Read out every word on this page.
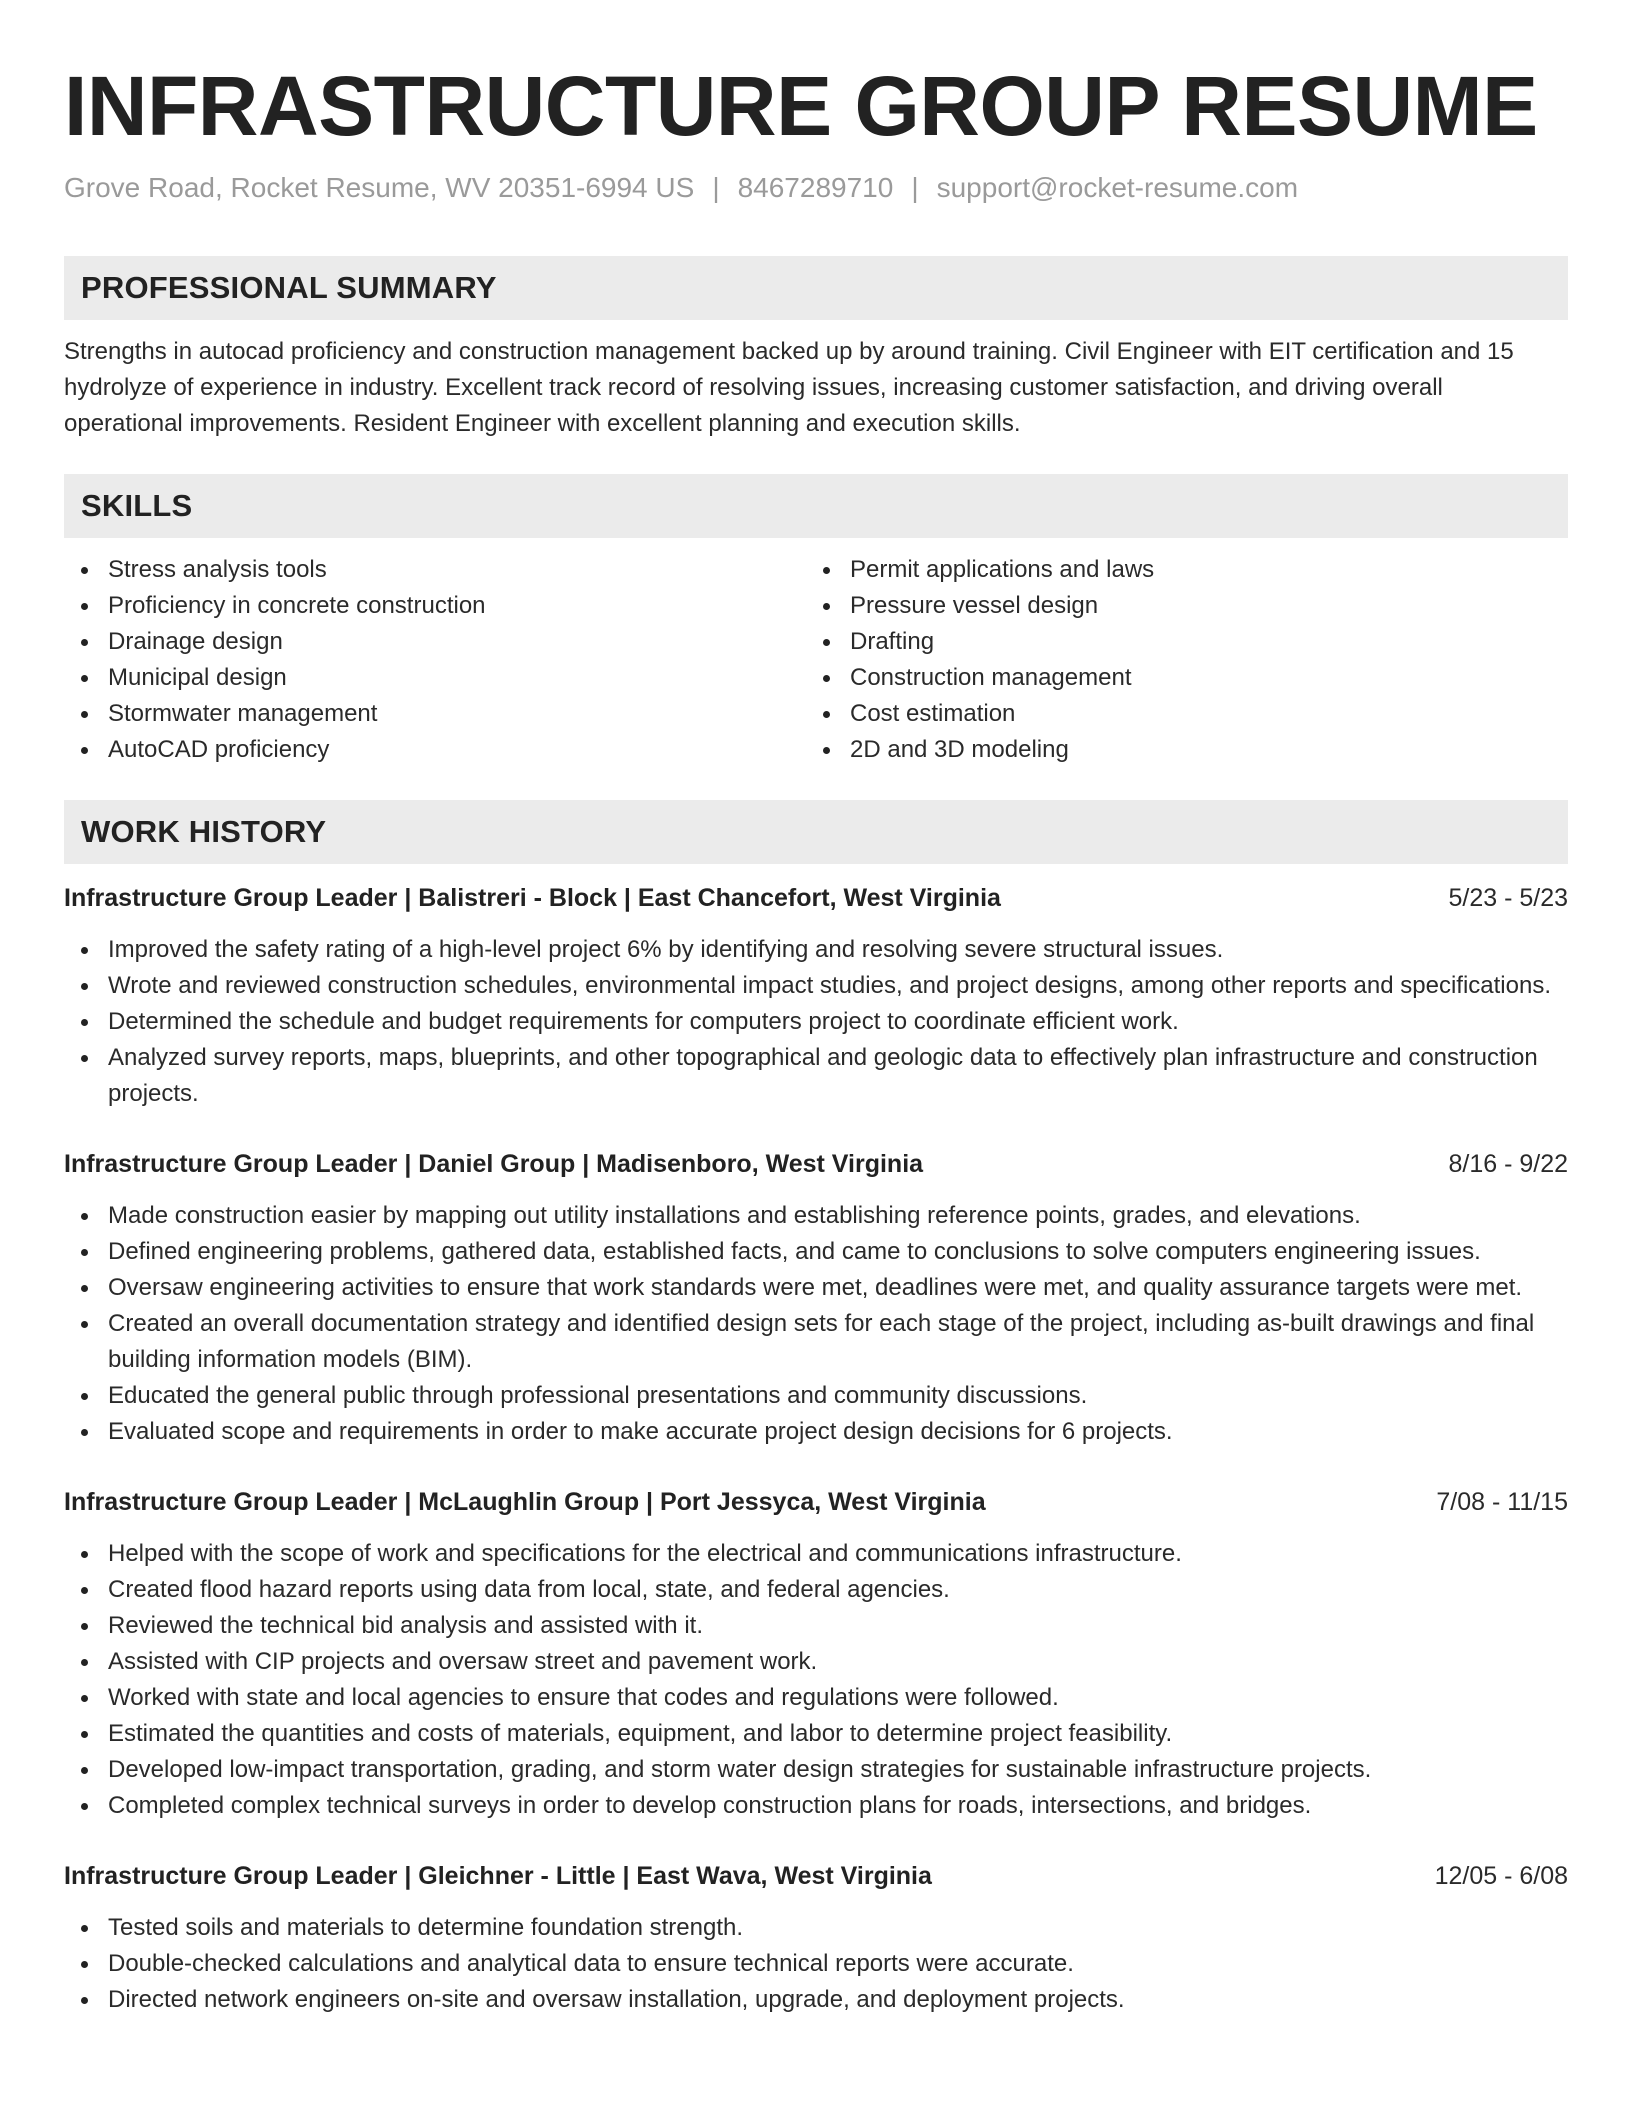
INFRASTRUCTURE GROUP RESUME
Grove Road, Rocket Resume, WV 20351-6994 US | 8467289710 | support@rocket-resume.com
PROFESSIONAL SUMMARY

Strengths in autocad proficiency and construction management backed up by around training. Civil Engineer with EIT certification and 15 hydrolyze of experience in industry. Excellent track record of resolving issues, increasing customer satisfaction, and driving overall operational improvements. Resident Engineer with excellent planning and execution skills.

SKILLS
Stress analysis tools
Proficiency in concrete construction
Drainage design
Municipal design
Stormwater management
AutoCAD proficiency
Permit applications and laws
Pressure vessel design
Drafting
Construction management
Cost estimation
2D and 3D modeling
WORK HISTORY
Infrastructure Group Leader | Balistreri - Block | East Chancefort, West Virginia	5/23 - 5/23
Improved the safety rating of a high-level project 6% by identifying and resolving severe structural issues.
Wrote and reviewed construction schedules, environmental impact studies, and project designs, among other reports and specifications.
Determined the schedule and budget requirements for computers project to coordinate efficient work.
Analyzed survey reports, maps, blueprints, and other topographical and geologic data to effectively plan infrastructure and construction projects.
Infrastructure Group Leader | Daniel Group | Madisenboro, West Virginia	8/16 - 9/22
Made construction easier by mapping out utility installations and establishing reference points, grades, and elevations.
Defined engineering problems, gathered data, established facts, and came to conclusions to solve computers engineering issues.
Oversaw engineering activities to ensure that work standards were met, deadlines were met, and quality assurance targets were met.
Created an overall documentation strategy and identified design sets for each stage of the project, including as-built drawings and final building information models (BIM).
Educated the general public through professional presentations and community discussions.
Evaluated scope and requirements in order to make accurate project design decisions for 6 projects.
Infrastructure Group Leader | McLaughlin Group | Port Jessyca, West Virginia	7/08 - 11/15
Helped with the scope of work and specifications for the electrical and communications infrastructure.
Created flood hazard reports using data from local, state, and federal agencies.
Reviewed the technical bid analysis and assisted with it.
Assisted with CIP projects and oversaw street and pavement work.
Worked with state and local agencies to ensure that codes and regulations were followed.
Estimated the quantities and costs of materials, equipment, and labor to determine project feasibility.
Developed low-impact transportation, grading, and storm water design strategies for sustainable infrastructure projects.
Completed complex technical surveys in order to develop construction plans for roads, intersections, and bridges.
Infrastructure Group Leader | Gleichner - Little | East Wava, West Virginia	12/05 - 6/08
Tested soils and materials to determine foundation strength.
Double-checked calculations and analytical data to ensure technical reports were accurate.
Directed network engineers on-site and oversaw installation, upgrade, and deployment projects.
